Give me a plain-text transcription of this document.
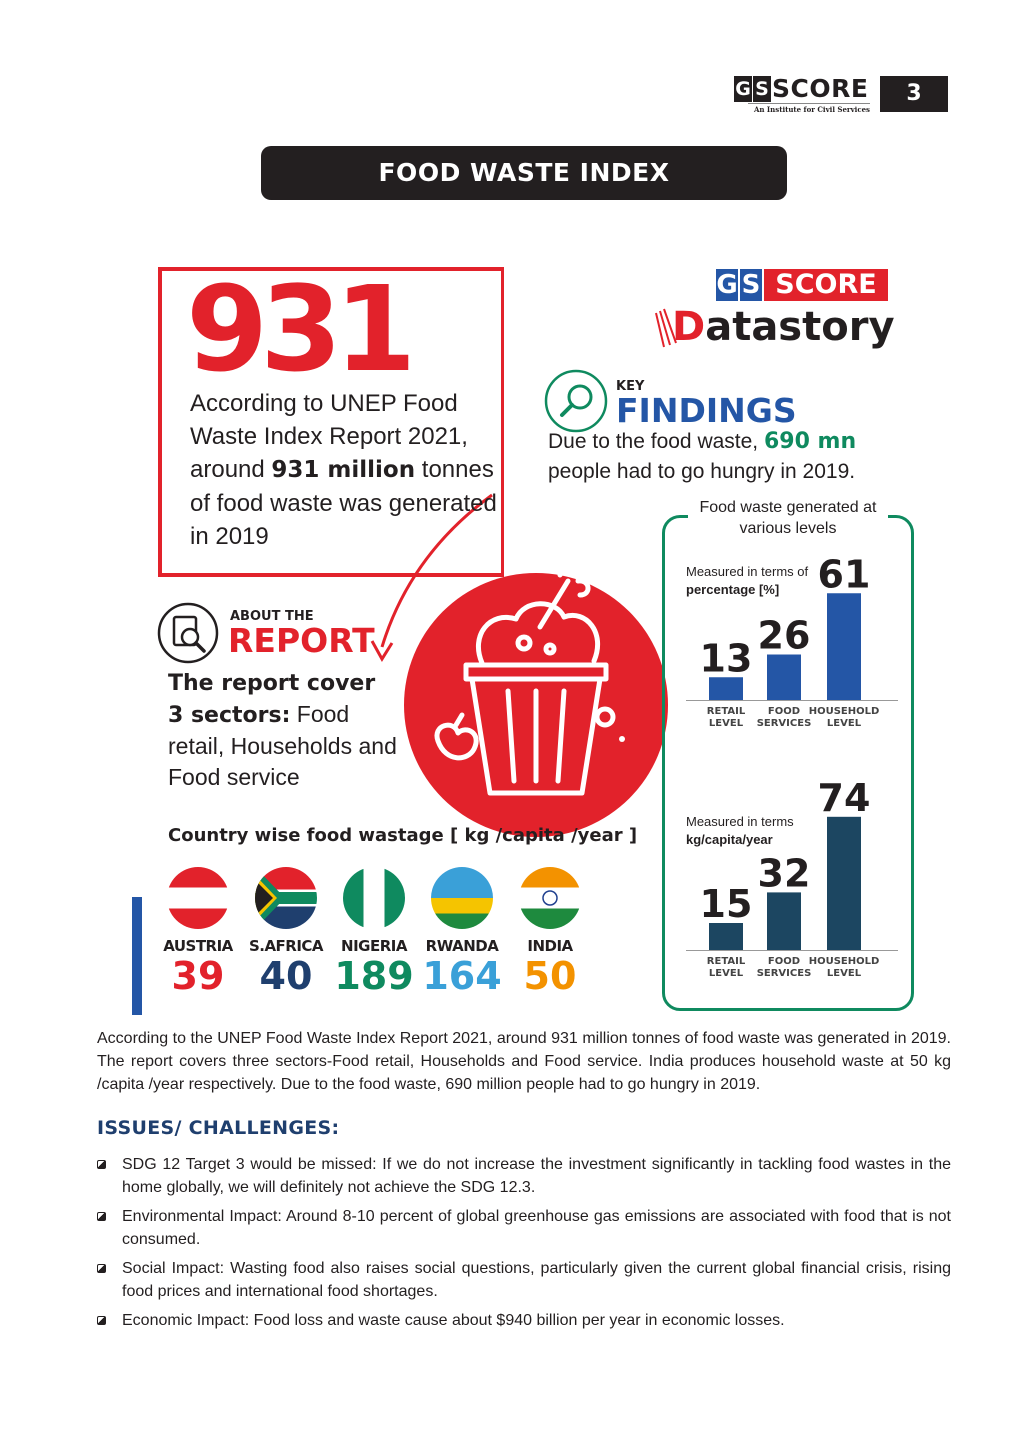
G S SCORE
An Institute for Civil Services
3
FOOD WASTE INDEX
931
According to UNEP Food Waste Index Report 2021, around 931 million tonnes of food waste was generated in 2019
G S SCORE
Datastory
KEY
FINDINGS
Due to the food waste, 690 mn people had to go hungry in 2019.
ABOUT THE
REPORT
The report cover 3 sectors: Food retail, Households and Food service
Country wise food wastage [ kg /capita /year ]
AUSTRIA
39
S.AFRICA
40
NIGERIA
189
RWANDA
164
INDIA
50
Food waste generated at various levels
Measured in terms of
percentage [%]
13
RETAIL
LEVEL
26
FOOD
SERVICES
61
HOUSEHOLD
LEVEL
Measured in terms
kg/capita/year
15
RETAIL
LEVEL
32
FOOD
SERVICES
74
HOUSEHOLD
LEVEL
According to the UNEP Food Waste Index Report 2021, around 931 million tonnes of food waste was generated in 2019. The report covers three sectors-Food retail, Households and Food service. India produces household waste at 50 kg /capita /year respectively. Due to the food waste, 690 million people had to go hungry in 2019.
ISSUES/ CHALLENGES:
SDG 12 Target 3 would be missed: If we do not increase the investment significantly in tackling food wastes in the home globally, we will definitely not achieve the SDG 12.3.
Environmental Impact: Around 8-10 percent of global greenhouse gas emissions are associated with food that is not consumed.
Social Impact: Wasting food also raises social questions, particularly given the current global financial crisis, rising food prices and international food shortages.
Economic Impact: Food loss and waste cause about $940 billion per year in economic losses.
